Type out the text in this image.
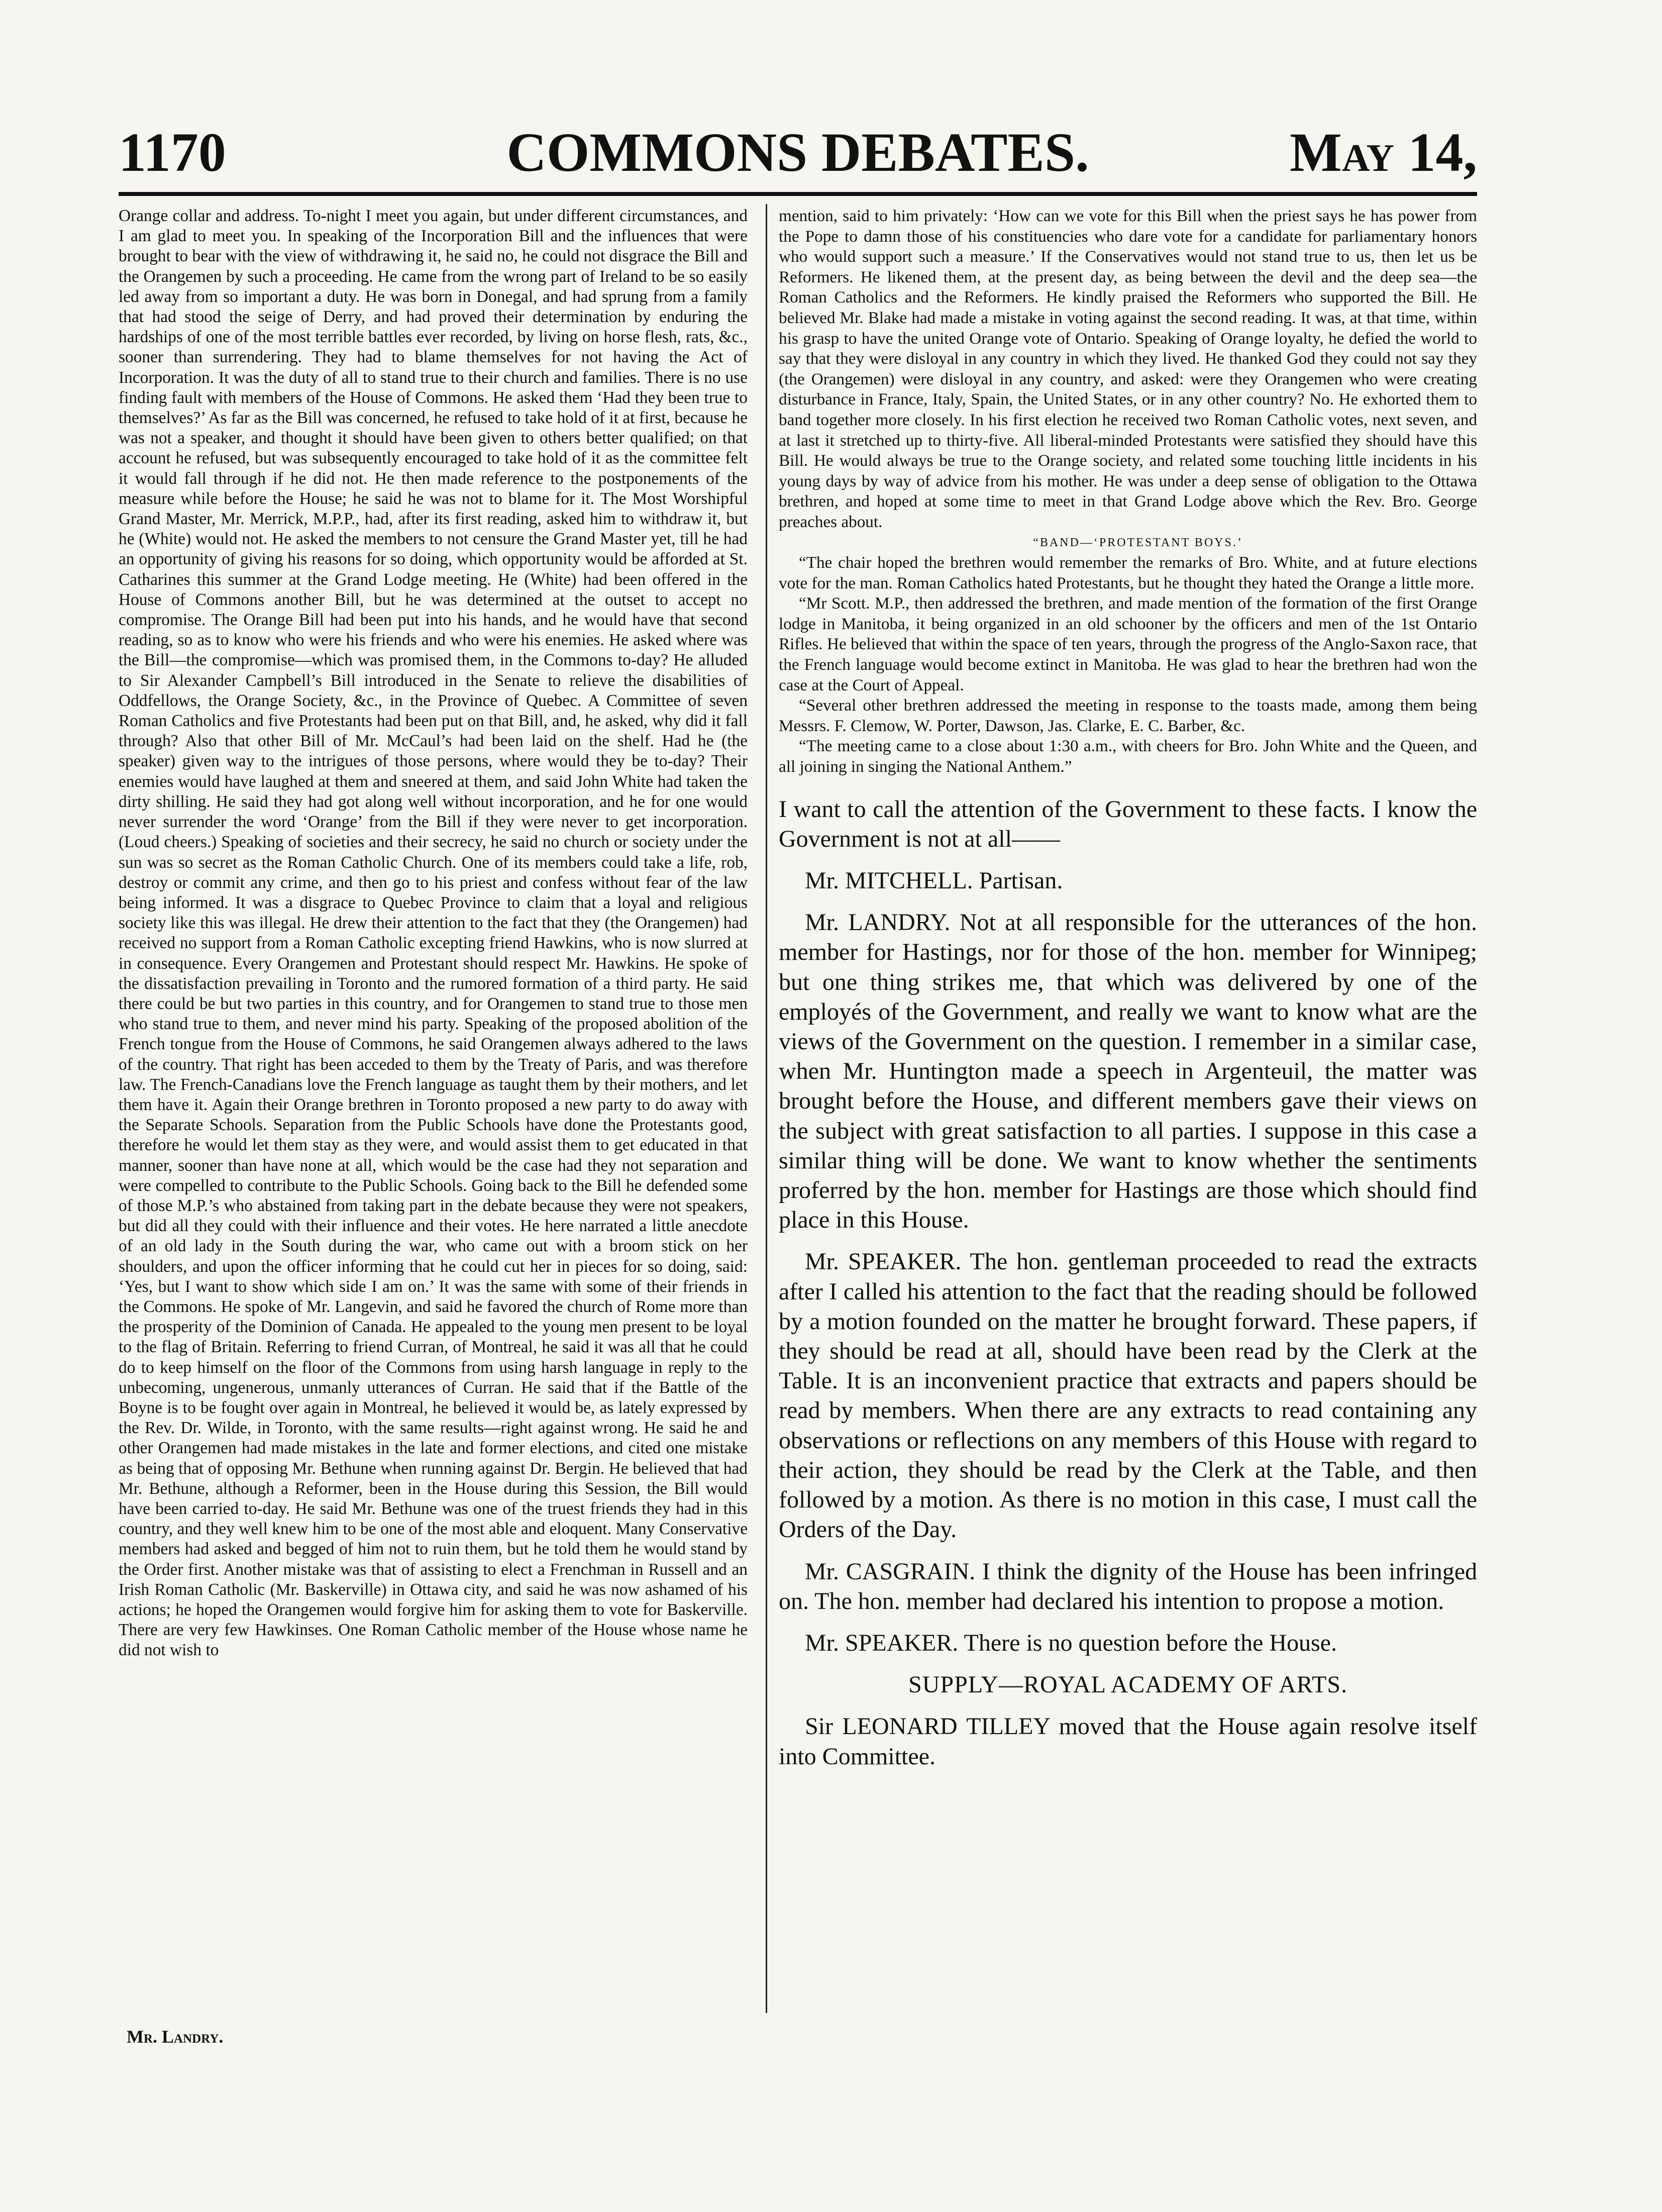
1170	COMMONS DEBATES.	May 14,

Orange collar and address. To-night I meet you again, but under different circumstances, and I am glad to meet you. In speaking of the Incorporation Bill and the influences that were brought to bear with the view of withdrawing it, he said no, he could not disgrace the Bill and the Orangemen by such a proceeding. He came from the wrong part of Ireland to be so easily led away from so important a duty. He was born in Donegal, and had sprung from a family that had stood the seige of Derry, and had proved their determination by enduring the hardships of one of the most terrible battles ever recorded, by living on horse flesh, rats, &c., sooner than surrendering. They had to blame themselves for not having the Act of Incorporation. It was the duty of all to stand true to their church and families. There is no use finding fault with members of the House of Commons. He asked them ‘Had they been true to themselves?’ As far as the Bill was concerned, he refused to take hold of it at first, because he was not a speaker, and thought it should have been given to others better qualified; on that account he refused, but was subsequently encouraged to take hold of it as the committee felt it would fall through if he did not. He then made reference to the postponements of the measure while before the House; he said he was not to blame for it. The Most Worshipful Grand Master, Mr. Merrick, M.P.P., had, after its first reading, asked him to withdraw it, but he (White) would not. He asked the members to not censure the Grand Master yet, till he had an opportunity of giving his reasons for so doing, which opportunity would be afforded at St. Catharines this summer at the Grand Lodge meeting. He (White) had been offered in the House of Commons another Bill, but he was determined at the outset to accept no compromise. The Orange Bill had been put into his hands, and he would have that second reading, so as to know who were his friends and who were his enemies. He asked where was the Bill—the compromise—which was promised them, in the Commons to-day? He alluded to Sir Alexander Campbell’s Bill introduced in the Senate to relieve the disabilities of Oddfellows, the Orange Society, &c., in the Province of Quebec. A Committee of seven Roman Catholics and five Protestants had been put on that Bill, and, he asked, why did it fall through? Also that other Bill of Mr. McCaul’s had been laid on the shelf. Had he (the speaker) given way to the intrigues of those persons, where would they be to-day? Their enemies would have laughed at them and sneered at them, and said John White had taken the dirty shilling. He said they had got along well without incorporation, and he for one would never surrender the word ‘Orange’ from the Bill if they were never to get incorporation. (Loud cheers.) Speaking of societies and their secrecy, he said no church or society under the sun was so secret as the Roman Catholic Church. One of its members could take a life, rob, destroy or commit any crime, and then go to his priest and confess without fear of the law being informed. It was a disgrace to Quebec Province to claim that a loyal and religious society like this was illegal. He drew their attention to the fact that they (the Orangemen) had received no support from a Roman Catholic excepting friend Hawkins, who is now slurred at in consequence. Every Orangemen and Protestant should respect Mr. Hawkins. He spoke of the dissatisfaction prevailing in Toronto and the rumored formation of a third party. He said there could be but two parties in this country, and for Orangemen to stand true to those men who stand true to them, and never mind his party. Speaking of the proposed abolition of the French tongue from the House of Commons, he said Orangemen always adhered to the laws of the country. That right has been acceded to them by the Treaty of Paris, and was therefore law. The French-Canadians love the French language as taught them by their mothers, and let them have it. Again their Orange brethren in Toronto proposed a new party to do away with the Separate Schools. Separation from the Public Schools have done the Protestants good, therefore he would let them stay as they were, and would assist them to get educated in that manner, sooner than have none at all, which would be the case had they not separation and were compelled to contribute to the Public Schools. Going back to the Bill he defended some of those M.P.’s who abstained from taking part in the debate because they were not speakers, but did all they could with their influence and their votes. He here narrated a little anecdote of an old lady in the South during the war, who came out with a broom stick on her shoulders, and upon the officer informing that he could cut her in pieces for so doing, said: ‘Yes, but I want to show which side I am on.’ It was the same with some of their friends in the Commons. He spoke of Mr. Langevin, and said he favored the church of Rome more than the prosperity of the Dominion of Canada. He appealed to the young men present to be loyal to the flag of Britain. Referring to friend Curran, of Montreal, he said it was all that he could do to keep himself on the floor of the Commons from using harsh language in reply to the unbecoming, ungenerous, unmanly utterances of Curran. He said that if the Battle of the Boyne is to be fought over again in Montreal, he believed it would be, as lately expressed by the Rev. Dr. Wilde, in Toronto, with the same results—right against wrong. He said he and other Orangemen had made mistakes in the late and former elections, and cited one mistake as being that of opposing Mr. Bethune when running against Dr. Bergin. He believed that had Mr. Bethune, although a Reformer, been in the House during this Session, the Bill would have been carried to-day. He said Mr. Bethune was one of the truest friends they had in this country, and they well knew him to be one of the most able and eloquent. Many Conservative members had asked and begged of him not to ruin them, but he told them he would stand by the Order first. Another mistake was that of assisting to elect a Frenchman in Russell and an Irish Roman Catholic (Mr. Baskerville) in Ottawa city, and said he was now ashamed of his actions; he hoped the Orangemen would forgive him for asking them to vote for Baskerville. There are very few Hawkinses. One Roman Catholic member of the House whose name he did not wish to

mention, said to him privately: ‘How can we vote for this Bill when the priest says he has power from the Pope to damn those of his constituencies who dare vote for a candidate for parliamentary honors who would support such a measure.’ If the Conservatives would not stand true to us, then let us be Reformers. He likened them, at the present day, as being between the devil and the deep sea—the Roman Catholics and the Reformers. He kindly praised the Reformers who supported the Bill. He believed Mr. Blake had made a mistake in voting against the second reading. It was, at that time, within his grasp to have the united Orange vote of Ontario. Speaking of Orange loyalty, he defied the world to say that they were disloyal in any country in which they lived. He thanked God they could not say they (the Orangemen) were disloyal in any country, and asked: were they Orangemen who were creating disturbance in France, Italy, Spain, the United States, or in any other country? No. He exhorted them to band together more closely. In his first election he received two Roman Catholic votes, next seven, and at last it stretched up to thirty-five. All liberal-minded Protestants were satisfied they should have this Bill. He would always be true to the Orange society, and related some touching little incidents in his young days by way of advice from his mother. He was under a deep sense of obligation to the Ottawa brethren, and hoped at some time to meet in that Grand Lodge above which the Rev. Bro. George preaches about.

“BAND—‘PROTESTANT BOYS.’

“The chair hoped the brethren would remember the remarks of Bro. White, and at future elections vote for the man. Roman Catholics hated Protestants, but he thought they hated the Orange a little more.

“Mr Scott. M.P., then addressed the brethren, and made mention of the formation of the first Orange lodge in Manitoba, it being organized in an old schooner by the officers and men of the 1st Ontario Rifles. He believed that within the space of ten years, through the progress of the Anglo-Saxon race, that the French language would become extinct in Manitoba. He was glad to hear the brethren had won the case at the Court of Appeal.

“Several other brethren addressed the meeting in response to the toasts made, among them being Messrs. F. Clemow, W. Porter, Dawson, Jas. Clarke, E. C. Barber, &c.

“The meeting came to a close about 1:30 a.m., with cheers for Bro. John White and the Queen, and all joining in singing the National Anthem.”

I want to call the attention of the Government to these facts. I know the Government is not at all——

Mr. MITCHELL. Partisan.

Mr. LANDRY. Not at all responsible for the utterances of the hon. member for Hastings, nor for those of the hon. member for Winnipeg; but one thing strikes me, that which was delivered by one of the employés of the Government, and really we want to know what are the views of the Government on the question. I remember in a similar case, when Mr. Huntington made a speech in Argenteuil, the matter was brought before the House, and different members gave their views on the subject with great satisfaction to all parties. I suppose in this case a similar thing will be done. We want to know whether the sentiments proferred by the hon. member for Hastings are those which should find place in this House.

Mr. SPEAKER. The hon. gentleman proceeded to read the extracts after I called his attention to the fact that the reading should be followed by a motion founded on the matter he brought forward. These papers, if they should be read at all, should have been read by the Clerk at the Table. It is an inconvenient practice that extracts and papers should be read by members. When there are any extracts to read containing any observations or reflections on any members of this House with regard to their action, they should be read by the Clerk at the Table, and then followed by a motion. As there is no motion in this case, I must call the Orders of the Day.

Mr. CASGRAIN. I think the dignity of the House has been infringed on. The hon. member had declared his intention to propose a motion.

Mr. SPEAKER. There is no question before the House.

SUPPLY—ROYAL ACADEMY OF ARTS.

Sir LEONARD TILLEY moved that the House again resolve itself into Committee.

Mr. Landry.
